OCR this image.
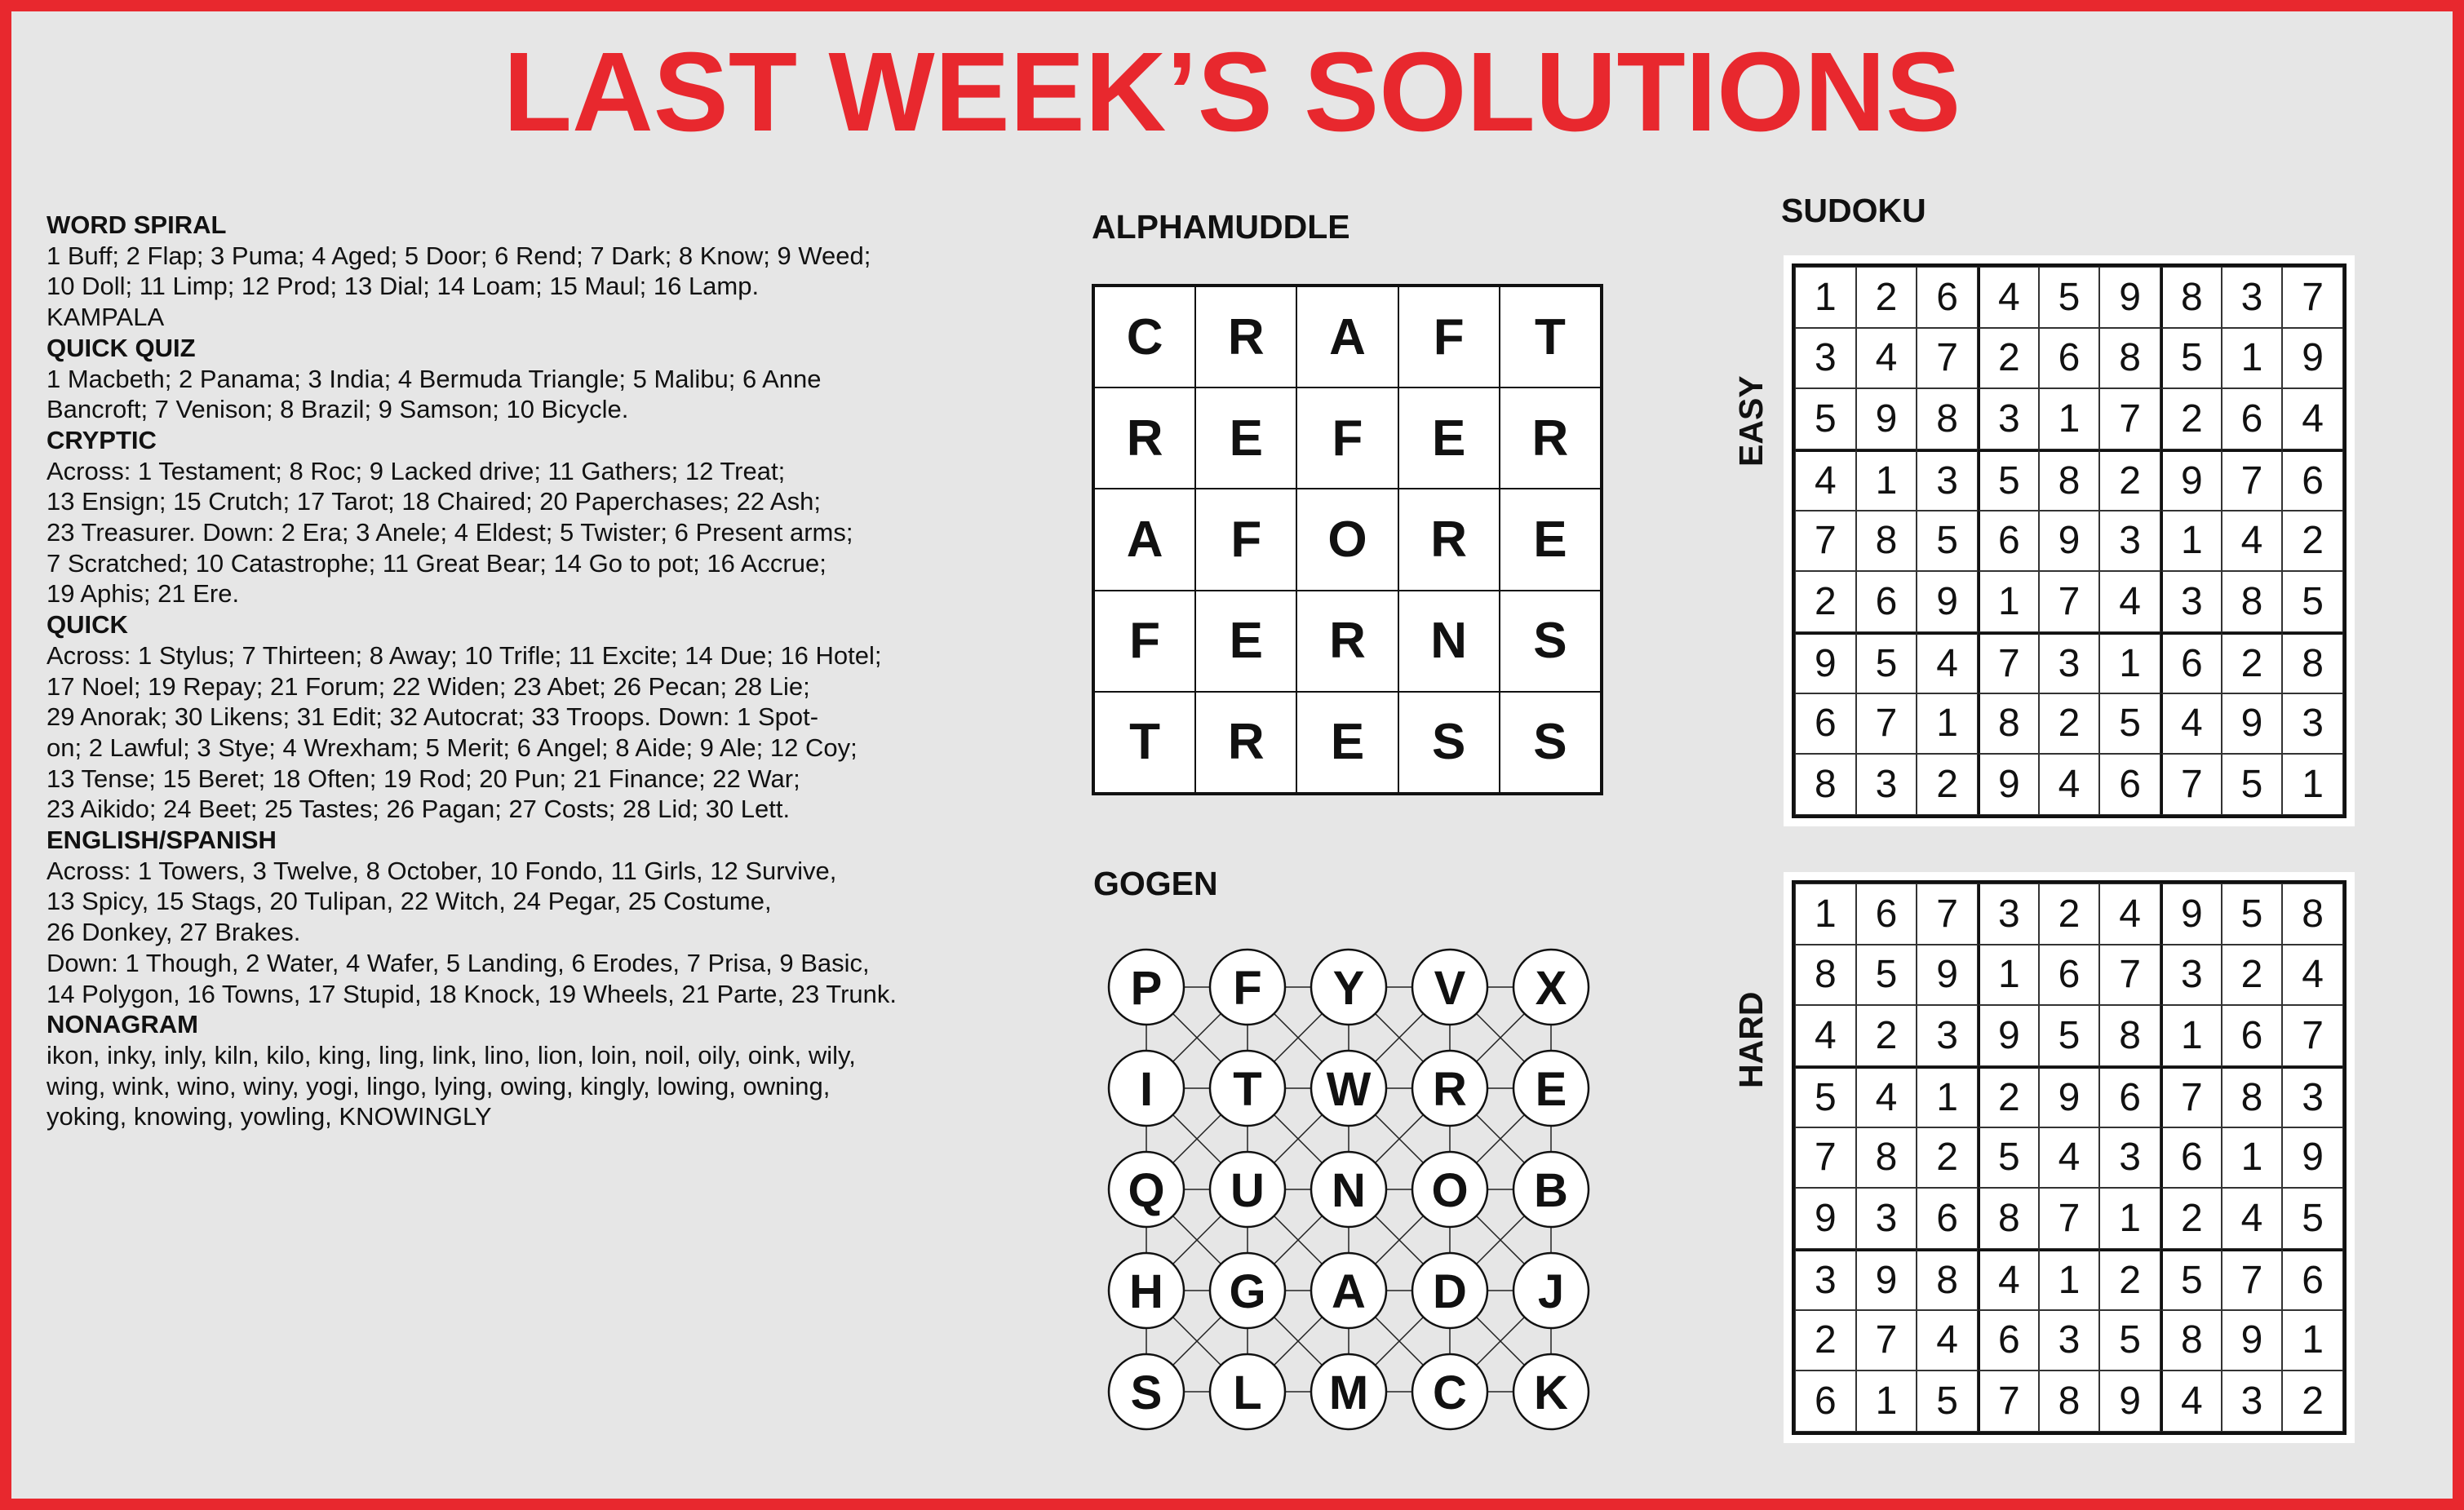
LAST WEEK’S SOLUTIONS
WORD SPIRAL

1 Buff; 2 Flap; 3 Puma; 4 Aged; 5 Door; 6 Rend; 7 Dark; 8 Know; 9 Weed;

10 Doll; 11 Limp; 12 Prod; 13 Dial; 14 Loam; 15 Maul; 16 Lamp.

KAMPALA

QUICK QUIZ

1 Macbeth; 2 Panama; 3 India; 4 Bermuda Triangle; 5 Malibu; 6 Anne

Bancroft; 7 Venison; 8 Brazil; 9 Samson; 10 Bicycle.

CRYPTIC

Across: 1 Testament; 8 Roc; 9 Lacked drive; 11 Gathers; 12 Treat;

13 Ensign; 15 Crutch; 17 Tarot; 18 Chaired; 20 Paperchases; 22 Ash;

23 Treasurer. Down: 2 Era; 3 Anele; 4 Eldest; 5 Twister; 6 Present arms;

7 Scratched; 10 Catastrophe; 11 Great Bear; 14 Go to pot; 16 Accrue;

19 Aphis; 21 Ere.

QUICK

Across: 1 Stylus; 7 Thirteen; 8 Away; 10 Trifle; 11 Excite; 14 Due; 16 Hotel;

17 Noel; 19 Repay; 21 Forum; 22 Widen; 23 Abet; 26 Pecan; 28 Lie;

29 Anorak; 30 Likens; 31 Edit; 32 Autocrat; 33 Troops. Down: 1 Spot-

on; 2 Lawful; 3 Stye; 4 Wrexham; 5 Merit; 6 Angel; 8 Aide; 9 Ale; 12 Coy;

13 Tense; 15 Beret; 18 Often; 19 Rod; 20 Pun; 21 Finance; 22 War;

23 Aikido; 24 Beet; 25 Tastes; 26 Pagan; 27 Costs; 28 Lid; 30 Lett.

ENGLISH/SPANISH

Across: 1 Towers, 3 Twelve, 8 October, 10 Fondo, 11 Girls, 12 Survive,

13 Spicy, 15 Stags, 20 Tulipan, 22 Witch, 24 Pegar, 25 Costume,

26 Donkey, 27 Brakes.

Down: 1 Though, 2 Water, 4 Wafer, 5 Landing, 6 Erodes, 7 Prisa, 9 Basic,

14 Polygon, 16 Towns, 17 Stupid, 18 Knock, 19 Wheels, 21 Parte, 23 Trunk.

NONAGRAM

ikon, inky, inly, kiln, kilo, king, ling, link, lino, lion, loin, noil, oily, oink, wily,

wing, wink, wino, winy, yogi, lingo, lying, owing, kingly, lowing, owning,

yoking, knowing, yowling, KNOWINGLY

ALPHAMUDDLE
C	R	A	F	T
R	E	F	E	R
A	F	O	R	E
F	E	R	N	S
T	R	E	S	S
GOGEN
P F Y V X
I T W R E
Q U N O B
H G A D J
S L M C K
SUDOKU
EASY
1 2 6	4 5 9	8 3 7
3 4 7	2 6 8	5 1 9
5 9 8	3 1 7	2 6 4
4 1 3	5 8 2	9 7 6
7 8 5	6 9 3	1 4 2
2 6 9	1 7 4	3 8 5
9 5 4	7 3 1	6 2 8
6 7 1	8 2 5	4 9 3
8 3 2	9 4 6	7 5 1
HARD
1 6 7	3 2 4	9 5 8
8 5 9	1 6 7	3 2 4
4 2 3	9 5 8	1 6 7
5 4 1	2 9 6	7 8 3
7 8 2	5 4 3	6 1 9
9 3 6	8 7 1	2 4 5
3 9 8	4 1 2	5 7 6
2 7 4	6 3 5	8 9 1
6 1 5	7 8 9	4 3 2
